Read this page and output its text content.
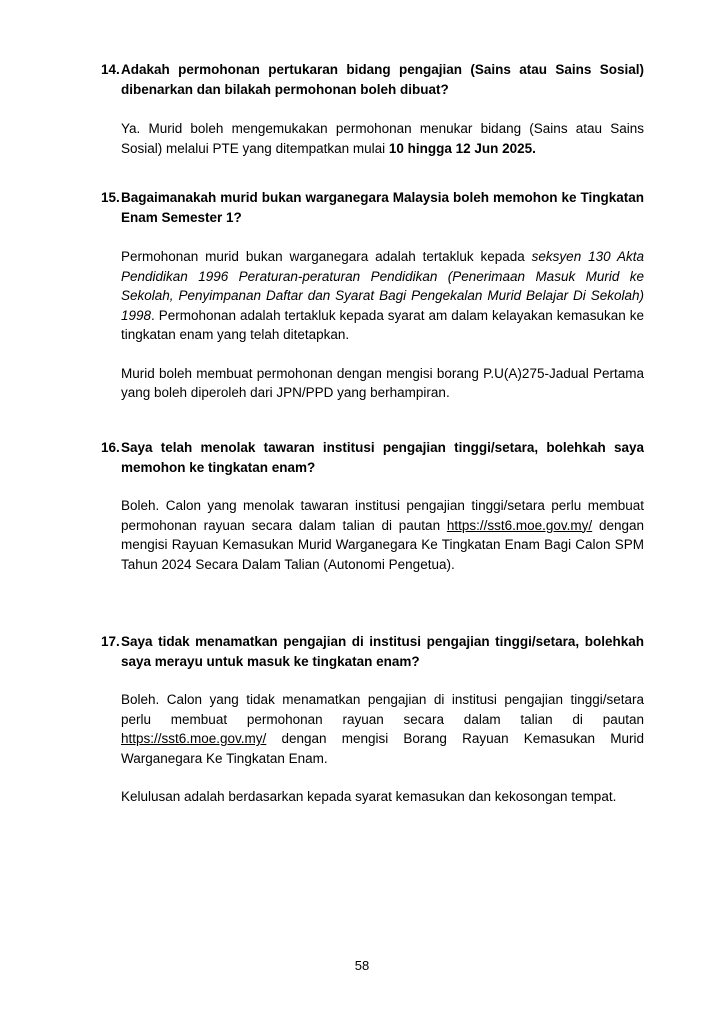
14. Adakah permohonan pertukaran bidang pengajian (Sains atau Sains Sosial) dibenarkan dan bilakah permohonan boleh dibuat?
Ya. Murid boleh mengemukakan permohonan menukar bidang (Sains atau Sains Sosial) melalui PTE yang ditempatkan mulai 10 hingga 12 Jun 2025.
15. Bagaimanakah murid bukan warganegara Malaysia boleh memohon ke Tingkatan Enam Semester 1?
Permohonan murid bukan warganegara adalah tertakluk kepada seksyen 130 Akta Pendidikan 1996 Peraturan-peraturan Pendidikan (Penerimaan Masuk Murid ke Sekolah, Penyimpanan Daftar dan Syarat Bagi Pengekalan Murid Belajar Di Sekolah) 1998. Permohonan adalah tertakluk kepada syarat am dalam kelayakan kemasukan ke tingkatan enam yang telah ditetapkan.
Murid boleh membuat permohonan dengan mengisi borang P.U(A)275-Jadual Pertama yang boleh diperoleh dari JPN/PPD yang berhampiran.
16. Saya telah menolak tawaran institusi pengajian tinggi/setara, bolehkah saya memohon ke tingkatan enam?
Boleh. Calon yang menolak tawaran institusi pengajian tinggi/setara perlu membuat permohonan rayuan secara dalam talian di pautan https://sst6.moe.gov.my/ dengan mengisi Rayuan Kemasukan Murid Warganegara Ke Tingkatan Enam Bagi Calon SPM Tahun 2024 Secara Dalam Talian (Autonomi Pengetua).
17. Saya tidak menamatkan pengajian di institusi pengajian tinggi/setara, bolehkah saya merayu untuk masuk ke tingkatan enam?
Boleh. Calon yang tidak menamatkan pengajian di institusi pengajian tinggi/setara perlu membuat permohonan rayuan secara dalam talian di pautan https://sst6.moe.gov.my/ dengan mengisi Borang Rayuan Kemasukan Murid Warganegara Ke Tingkatan Enam.
Kelulusan adalah berdasarkan kepada syarat kemasukan dan kekosongan tempat.
58
